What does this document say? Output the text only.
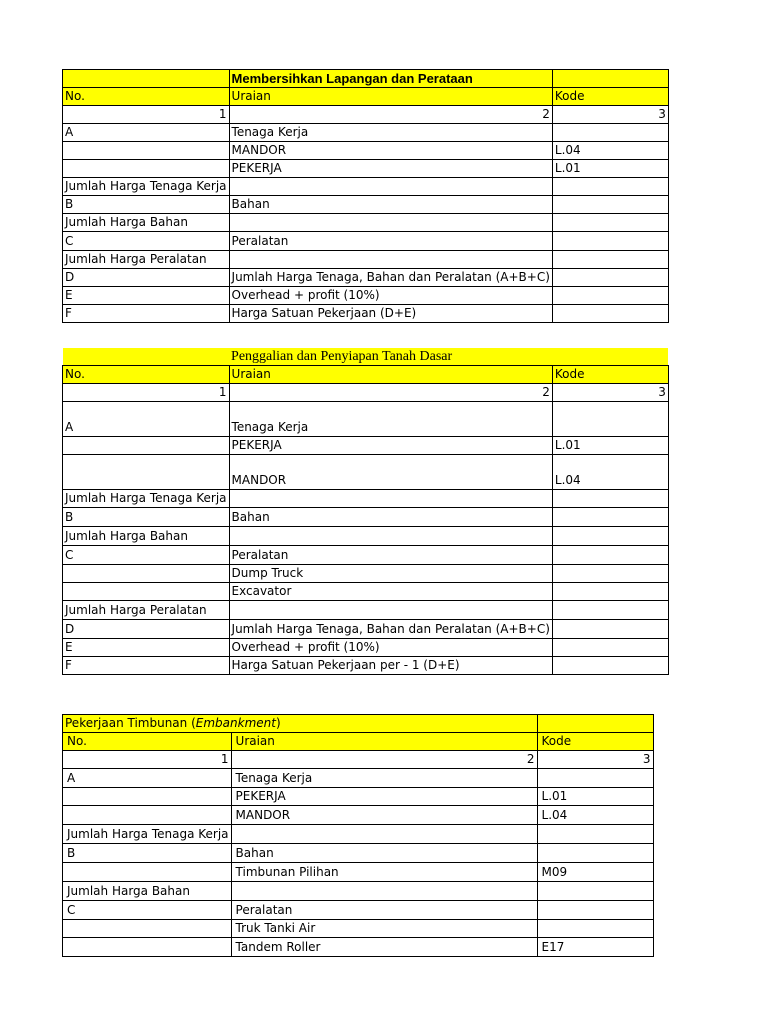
	Membersihkan Lapangan dan Perataan	
No.	Uraian	Kode
1	2	3
A	Tenaga Kerja	
	MANDOR	L.04
	PEKERJA	L.01
Jumlah Harga Tenaga Kerja		
B	Bahan	
Jumlah Harga Bahan		
C	Peralatan	
Jumlah Harga Peralatan		
D	Jumlah Harga Tenaga, Bahan dan Peralatan (A+B+C)	
E	Overhead + profit (10%)	
F	Harga Satuan Pekerjaan (D+E)	
	Penggalian dan Penyiapan Tanah Dasar	
No.	Uraian	Kode
1	2	3
A	Tenaga Kerja	
	PEKERJA	L.01
	MANDOR	L.04
Jumlah Harga Tenaga Kerja		
B	Bahan	
Jumlah Harga Bahan		
C	Peralatan	
	Dump Truck	
	Excavator	
Jumlah Harga Peralatan		
D	Jumlah Harga Tenaga, Bahan dan Peralatan (A+B+C)	
E	Overhead + profit (10%)	
F	Harga Satuan Pekerjaan per - 1 (D+E)	
Pekerjaan Timbunan (Embankment)		
No.	Uraian	Kode
1	2	3
A	Tenaga Kerja	
	PEKERJA	L.01
	MANDOR	L.04
Jumlah Harga Tenaga Kerja		
B	Bahan	
	Timbunan Pilihan	M09
Jumlah Harga Bahan		
C	Peralatan	
	Truk Tanki Air	
	Tandem Roller	E17
